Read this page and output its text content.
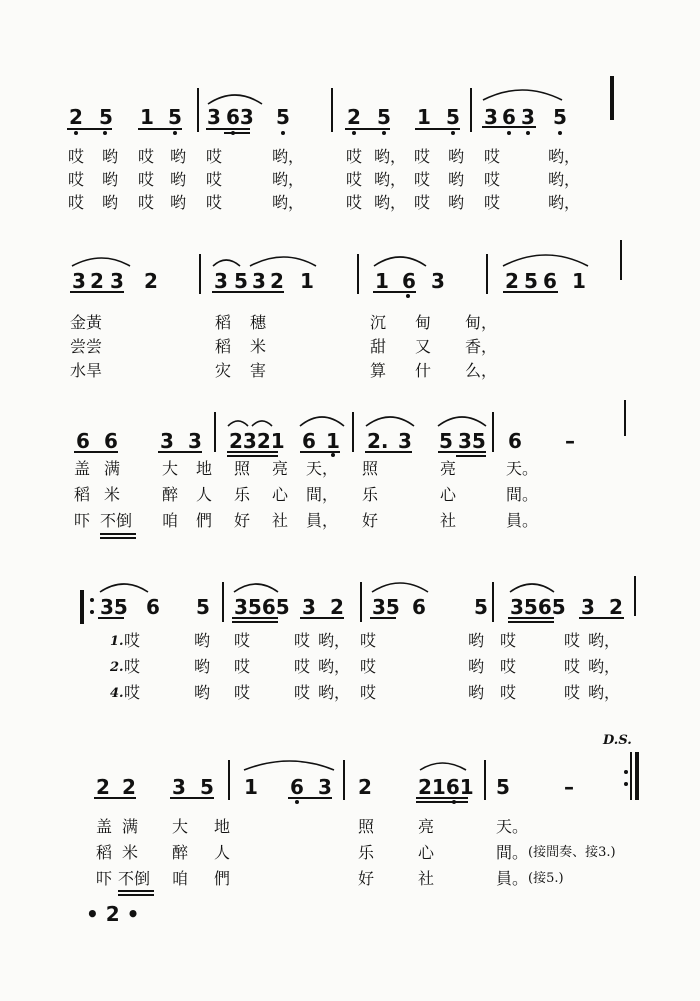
2 5 1 5 3 63 5	2 5 1 5 3 6 3 5
哎 哟 哎 哟 哎	哟，	哎 哟， 哎 哟 哎	哟，
哎 哟 哎 哟 哎	哟，	哎 哟， 哎 哟 哎	哟，
哎 哟 哎 哟 哎	哟，	哎 哟， 哎 哟 哎	哟，
3 2 3 2	3 5 3 2 1	1 6 3	2 5 6 1
金黃	稻 穗	沉 甸 甸，
尝尝	稻 米	甜 又 香，
水旱	灾 害	算 什 么，
6 6 3 3 2321 6 1 2. 3 5 35 6 –
盖 满	大 地 照 亮 天， 照	亮	天。
稻 米	醉 人 乐 心 間， 乐	心	間。
吓 不倒 咱 們 好 社 員， 好	社	員。
35 6 5 3565 3 2 35 6 5 3565 3 2
1. 哎	哟 哎	哎 哟， 哎	哟 哎	哎 哟，
2. 哎	哟 哎	哎 哟， 哎	哟 哎	哎 哟，
4. 哎	哟 哎	哎 哟， 哎	哟 哎	哎 哟，
D.S.
2 2 3 5 1 6 3 2 2161 5	–
盖 满 大 地	照	亮	天。
稻 米 醉 人	乐	心	間。 (接間奏、接3.)
吓 不倒 咱 們	好	社	員。 (接5.)
• 2 •
